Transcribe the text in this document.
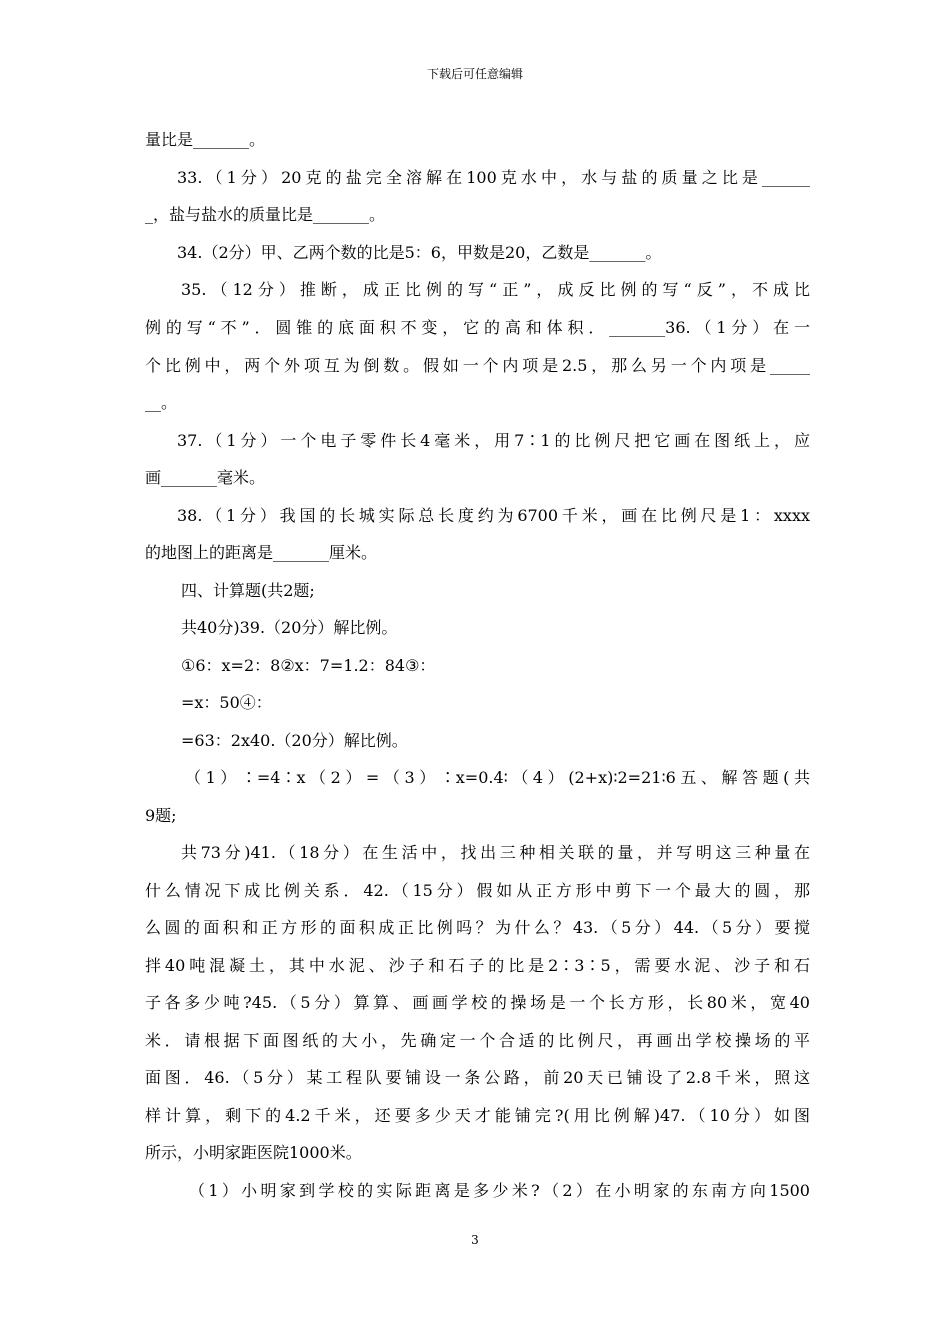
下载后可任意编辑
量比是_______。
33.（1分）20克的盐完全溶解在100克水中，水与盐的质量之比是______
_，盐与盐水的质量比是_______。
34.（2分）甲、乙两个数的比是5：6，甲数是20，乙数是_______。
35.（12分）推断，成正比例的写“正”，成反比例的写“反”，不成比
例的写“不”．圆锥的底面积不变，它的高和体积．_______36.（1分）在一
个比例中，两个外项互为倒数。假如一个内项是2.5，那么另一个内项是_____
__。
37.（1分）一个电子零件长4毫米，用7∶1的比例尺把它画在图纸上，应
画_______毫米。
38.（1分）我国的长城实际总长度约为6700千米，画在比例尺是1：xxxx
的地图上的距离是_______厘米。
四、计算题(共2题;
共40分)39.（20分）解比例。
①6：x=2：8②x：7=1.2：84③：
=x：50④：
=63：2x40.（20分）解比例。
（1）∶=4∶x（2）=（3）∶x=0.4∶（4）(2+x)∶2=21∶6五、解答题(共
9题;
共73分)41.（18分）在生活中，找出三种相关联的量，并写明这三种量在
什么情况下成比例关系．42.（15分）假如从正方形中剪下一个最大的圆，那
么圆的面积和正方形的面积成正比例吗？为什么？43.（5分）44.（5分）要搅
拌40吨混凝土，其中水泥、沙子和石子的比是2∶3∶5，需要水泥、沙子和石
子各多少吨?45.（5分）算算、画画学校的操场是一个长方形，长80米，宽40
米．请根据下面图纸的大小，先确定一个合适的比例尺，再画出学校操场的平
面图．46.（5分）某工程队要铺设一条公路，前20天已铺设了2.8千米，照这
样计算，剩下的4.2千米，还要多少天才能铺完?(用比例解)47.（10分）如图
所示，小明家距医院1000米。
（1）小明家到学校的实际距离是多少米?（2）在小明家的东南方向1500
3
